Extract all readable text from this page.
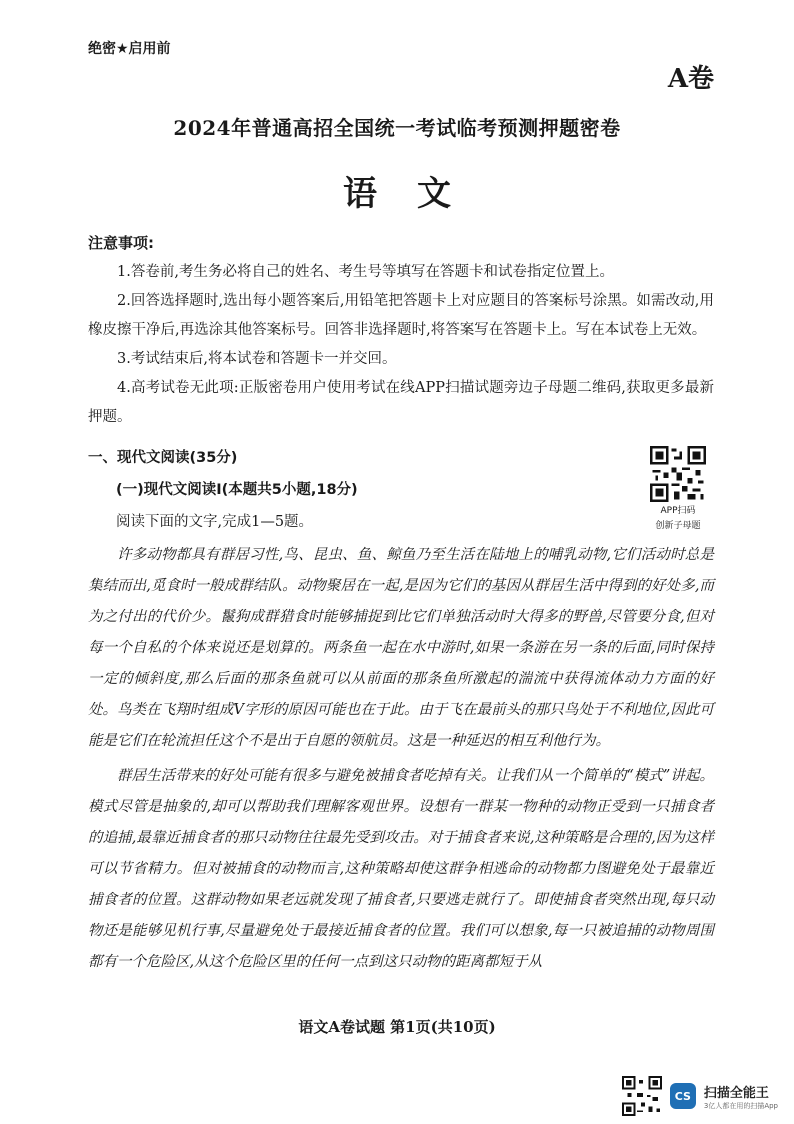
绝密★启用前
A卷
2024年普通高招全国统一考试临考预测押题密卷
语文
注意事项:

1.答卷前,考生务必将自己的姓名、考生号等填写在答题卡和试卷指定位置上。

2.回答选择题时,选出每小题答案后,用铅笔把答题卡上对应题目的答案标号涂黑。如需改动,用橡皮擦干净后,再选涂其他答案标号。回答非选择题时,将答案写在答题卡上。写在本试卷上无效。

3.考试结束后,将本试卷和答题卡一并交回。

4.高考试卷无此项:正版密卷用户使用考试在线APP扫描试题旁边子母题二维码,获取更多最新押题。

一、现代文阅读(35分)
(一)现代文阅读Ⅰ(本题共5小题,18分)
阅读下面的文字,完成1—5题。
APP扫码
创新子母题

许多动物都具有群居习性,鸟、昆虫、鱼、鲸鱼乃至生活在陆地上的哺乳动物,它们活动时总是集结而出,觅食时一般成群结队。动物聚居在一起,是因为它们的基因从群居生活中得到的好处多,而为之付出的代价少。鬣狗成群猎食时能够捕捉到比它们单独活动时大得多的野兽,尽管要分食,但对每一个自私的个体来说还是划算的。两条鱼一起在水中游时,如果一条游在另一条的后面,同时保持一定的倾斜度,那么后面的那条鱼就可以从前面的那条鱼所激起的湍流中获得流体动力方面的好处。鸟类在飞翔时组成V字形的原因可能也在于此。由于飞在最前头的那只鸟处于不利地位,因此可能是它们在轮流担任这个不是出于自愿的领航员。这是一种延迟的相互利他行为。

群居生活带来的好处可能有很多与避免被捕食者吃掉有关。让我们从一个简单的“模式”讲起。模式尽管是抽象的,却可以帮助我们理解客观世界。设想有一群某一物种的动物正受到一只捕食者的追捕,最靠近捕食者的那只动物往往最先受到攻击。对于捕食者来说,这种策略是合理的,因为这样可以节省精力。但对被捕食的动物而言,这种策略却使这群争相逃命的动物都力图避免处于最靠近捕食者的位置。这群动物如果老远就发现了捕食者,只要逃走就行了。即使捕食者突然出现,每只动物还是能够见机行事,尽量避免处于最接近捕食者的位置。我们可以想象,每一只被追捕的动物周围都有一个危险区,从这个危险区里的任何一点到这只动物的距离都短于从

语文A卷试题 第1页(共10页)
CS 扫描全能王
3亿人都在用的扫描App
